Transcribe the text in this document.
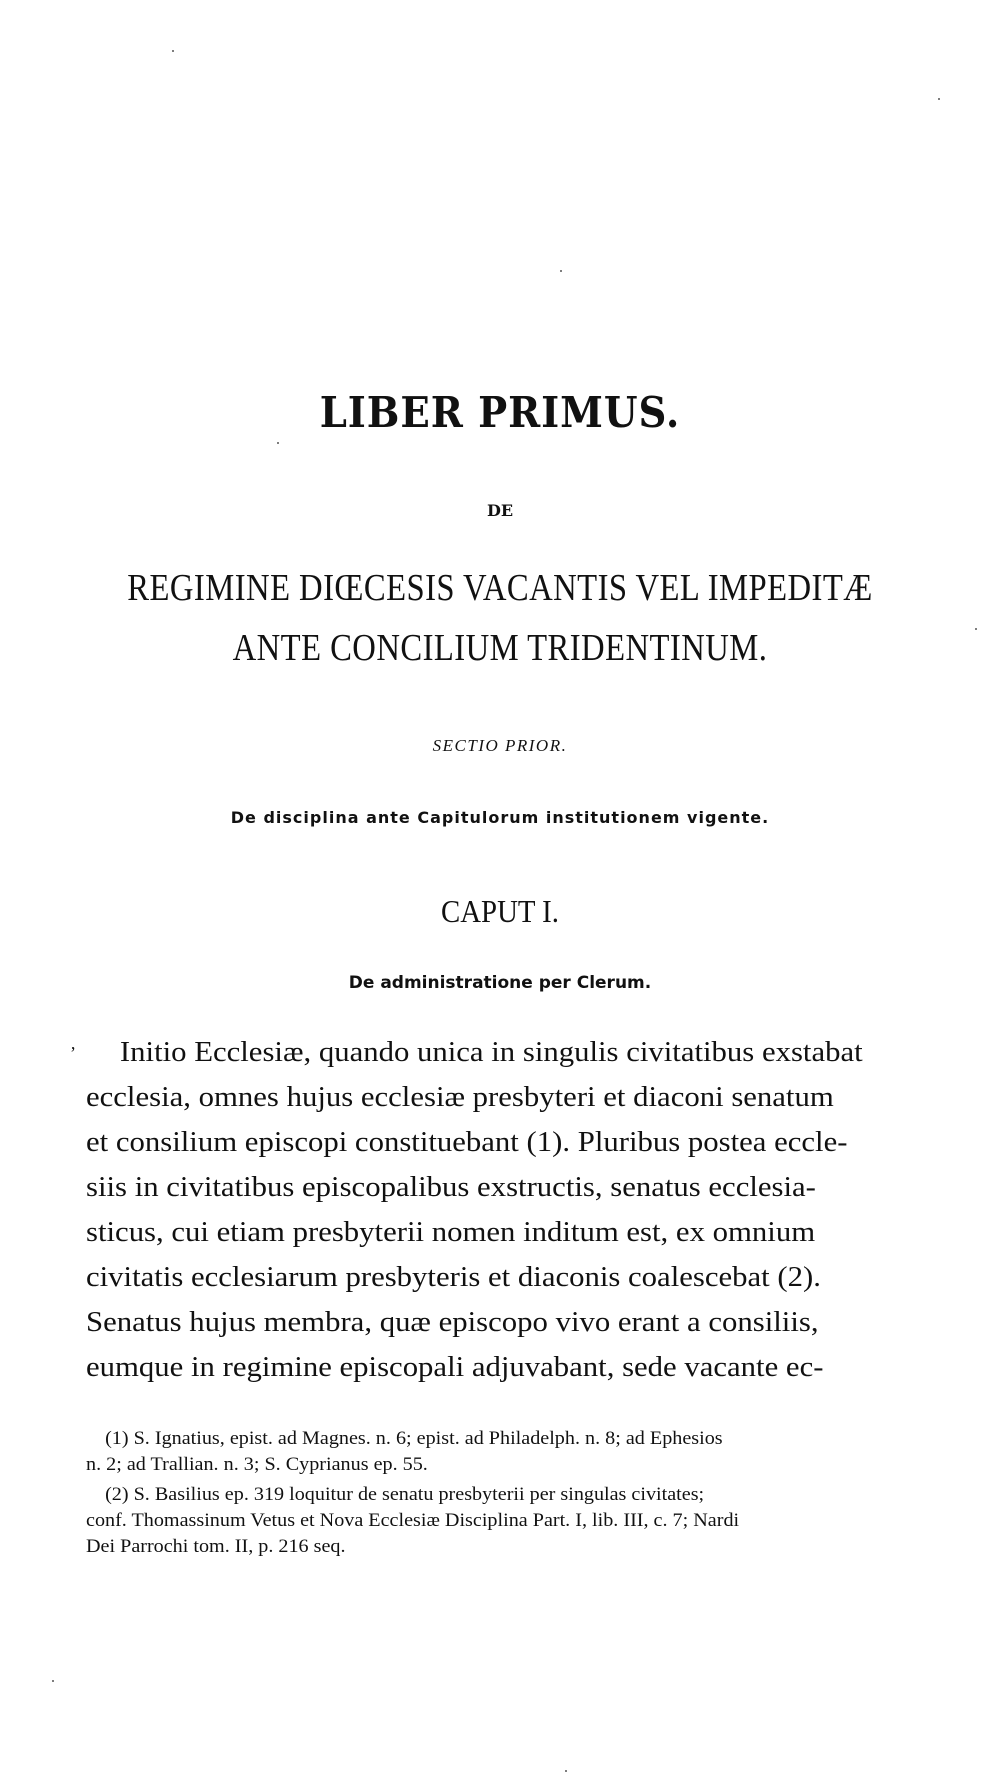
LIBER PRIMUS.
DE
REGIMINE DIŒCESIS VACANTIS VEL IMPEDITÆ
ANTE CONCILIUM TRIDENTINUM.
SECTIO PRIOR.
De disciplina ante Capitulorum institutionem vigente.
CAPUT I.
De administratione per Clerum.
’	Initio Ecclesiæ, quando unica in singulis civitatibus exstabat
ecclesia, omnes hujus ecclesiæ presbyteri et diaconi senatum
et consilium episcopi constituebant (1). Pluribus postea eccle-
siis in civitatibus episcopalibus exstructis, senatus ecclesia-
sticus, cui etiam presbyterii nomen inditum est, ex omnium
civitatis ecclesiarum presbyteris et diaconis coalescebat (2).
Senatus hujus membra, quæ episcopo vivo erant a consiliis,
eumque in regimine episcopali adjuvabant, sede vacante ec-
(1) S. Ignatius, epist. ad Magnes. n. 6; epist. ad Philadelph. n. 8; ad Ephesios
n. 2; ad Trallian. n. 3; S. Cyprianus ep. 55.
(2) S. Basilius ep. 319 loquitur de senatu presbyterii per singulas civitates;
conf. Thomassinum Vetus et Nova Ecclesiæ Disciplina Part. I, lib. III, c. 7; Nardi
Dei Parrochi tom. II, p. 216 seq.
